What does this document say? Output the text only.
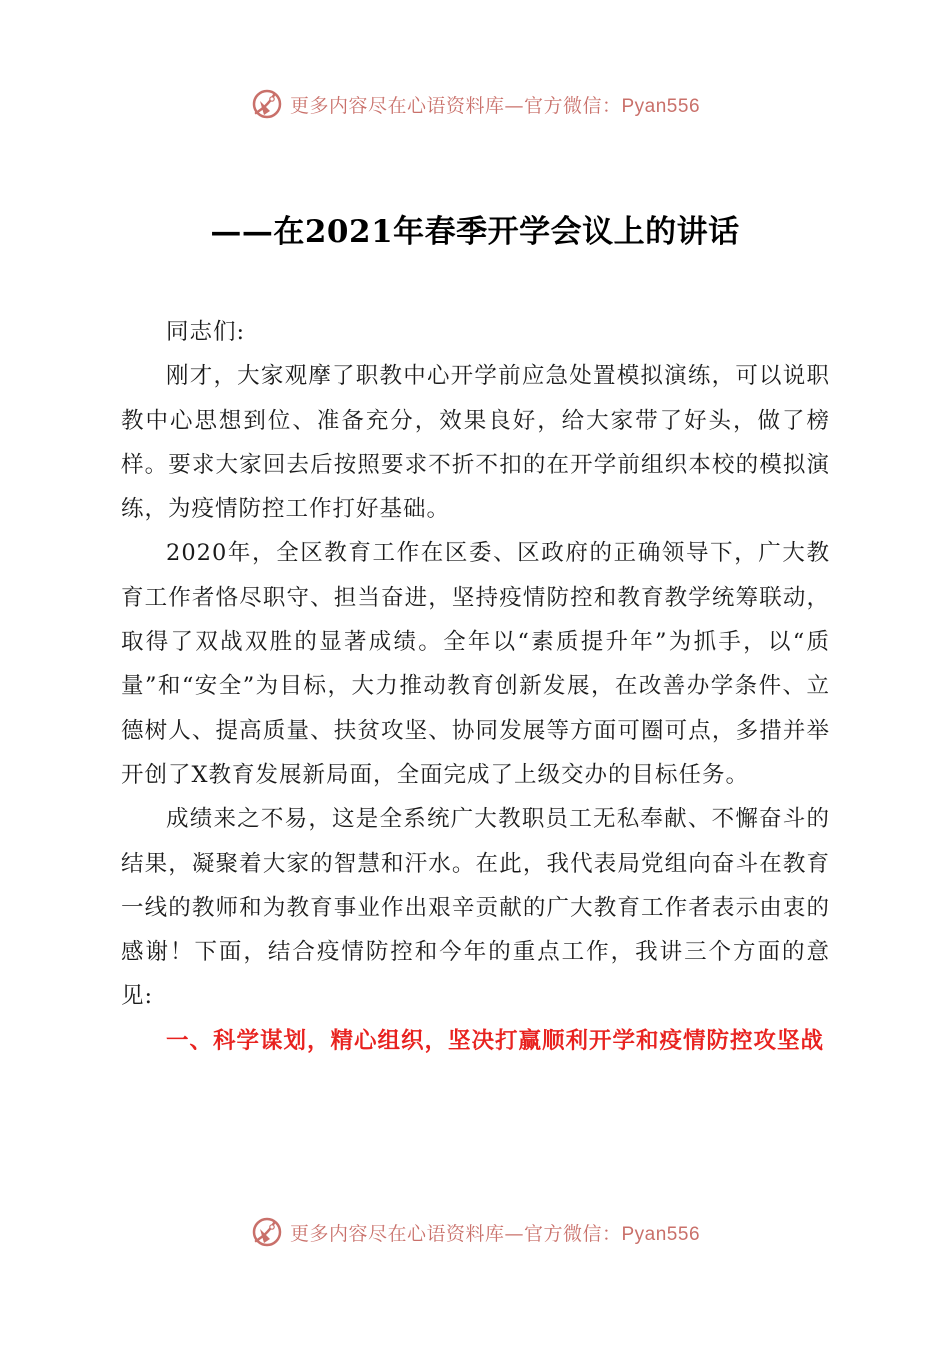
更多内容尽在心语资料库—官方微信：Pyan556
——在2021年春季开学会议上的讲话

同志们:

刚才，大家观摩了职教中心开学前应急处置模拟演练，可以说职教中心思想到位、准备充分，效果良好，给大家带了好头，做了榜样。要求大家回去后按照要求不折不扣的在开学前组织本校的模拟演练，为疫情防控工作打好基础。

2020年，全区教育工作在区委、区政府的正确领导下，广大教育工作者恪尽职守、担当奋进，坚持疫情防控和教育教学统筹联动，取得了双战双胜的显著成绩。全年以“素质提升年”为抓手，以“质量”和“安全”为目标，大力推动教育创新发展，在改善办学条件、立德树人、提高质量、扶贫攻坚、协同发展等方面可圈可点，多措并举开创了X教育发展新局面，全面完成了上级交办的目标任务。

成绩来之不易，这是全系统广大教职员工无私奉献、不懈奋斗的结果，凝聚着大家的智慧和汗水。在此，我代表局党组向奋斗在教育一线的教师和为教育事业作出艰辛贡献的广大教育工作者表示由衷的感谢！下面，结合疫情防控和今年的重点工作，我讲三个方面的意见:

一、科学谋划，精心组织，坚决打赢顺利开学和疫情防控攻坚战

更多内容尽在心语资料库—官方微信：Pyan556
